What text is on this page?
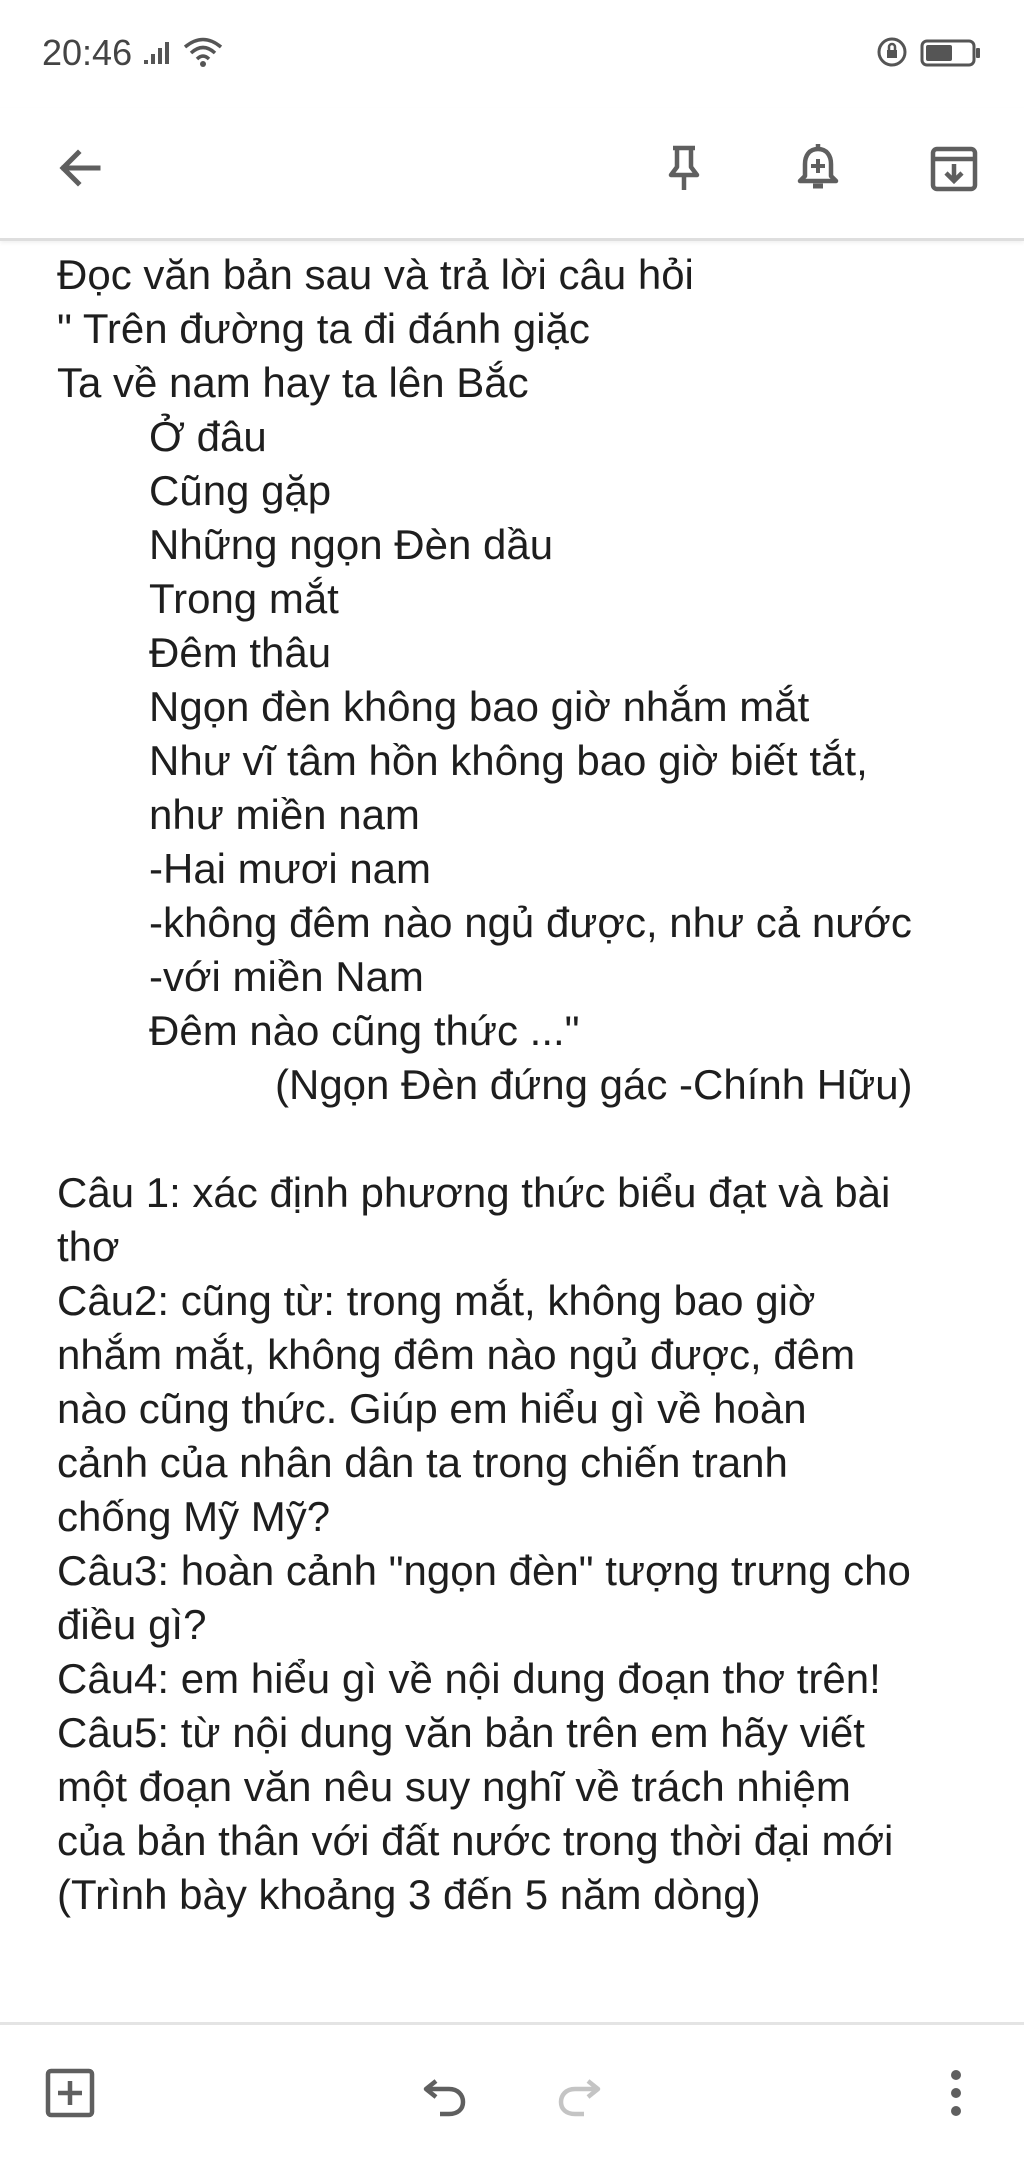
20:46
Đọc văn bản sau và trả lời câu hỏi
" Trên đường ta đi đánh giặc
Ta về nam hay ta lên Bắc
Ở đâu
Cũng gặp
Những ngọn Đèn dầu
Trong mắt
Đêm thâu
Ngọn đèn không bao giờ nhắm mắt
Như vĩ tâm hồn không bao giờ biết tắt,
như miền nam
-Hai mươi nam
-không đêm nào ngủ được, như cả nước
-với miền Nam
Đêm nào cũng thức ..."
(Ngọn Đèn đứng gác -Chính Hữu)
Câu 1: xác định phương thức biểu đạt và bài
thơ
Câu2: cũng từ: trong mắt, không bao giờ
nhắm mắt, không đêm nào ngủ được, đêm
nào cũng thức. Giúp em hiểu gì về hoàn
cảnh của nhân dân ta trong chiến tranh
chống Mỹ Mỹ?
Câu3: hoàn cảnh "ngọn đèn" tượng trưng cho
điều gì?
Câu4: em hiểu gì về nội dung đoạn thơ trên!
Câu5: từ nội dung văn bản trên em hãy viết
một đoạn văn nêu suy nghĩ về trách nhiệm
của bản thân với đất nước trong thời đại mới
(Trình bày khoảng 3 đến 5 năm dòng)
